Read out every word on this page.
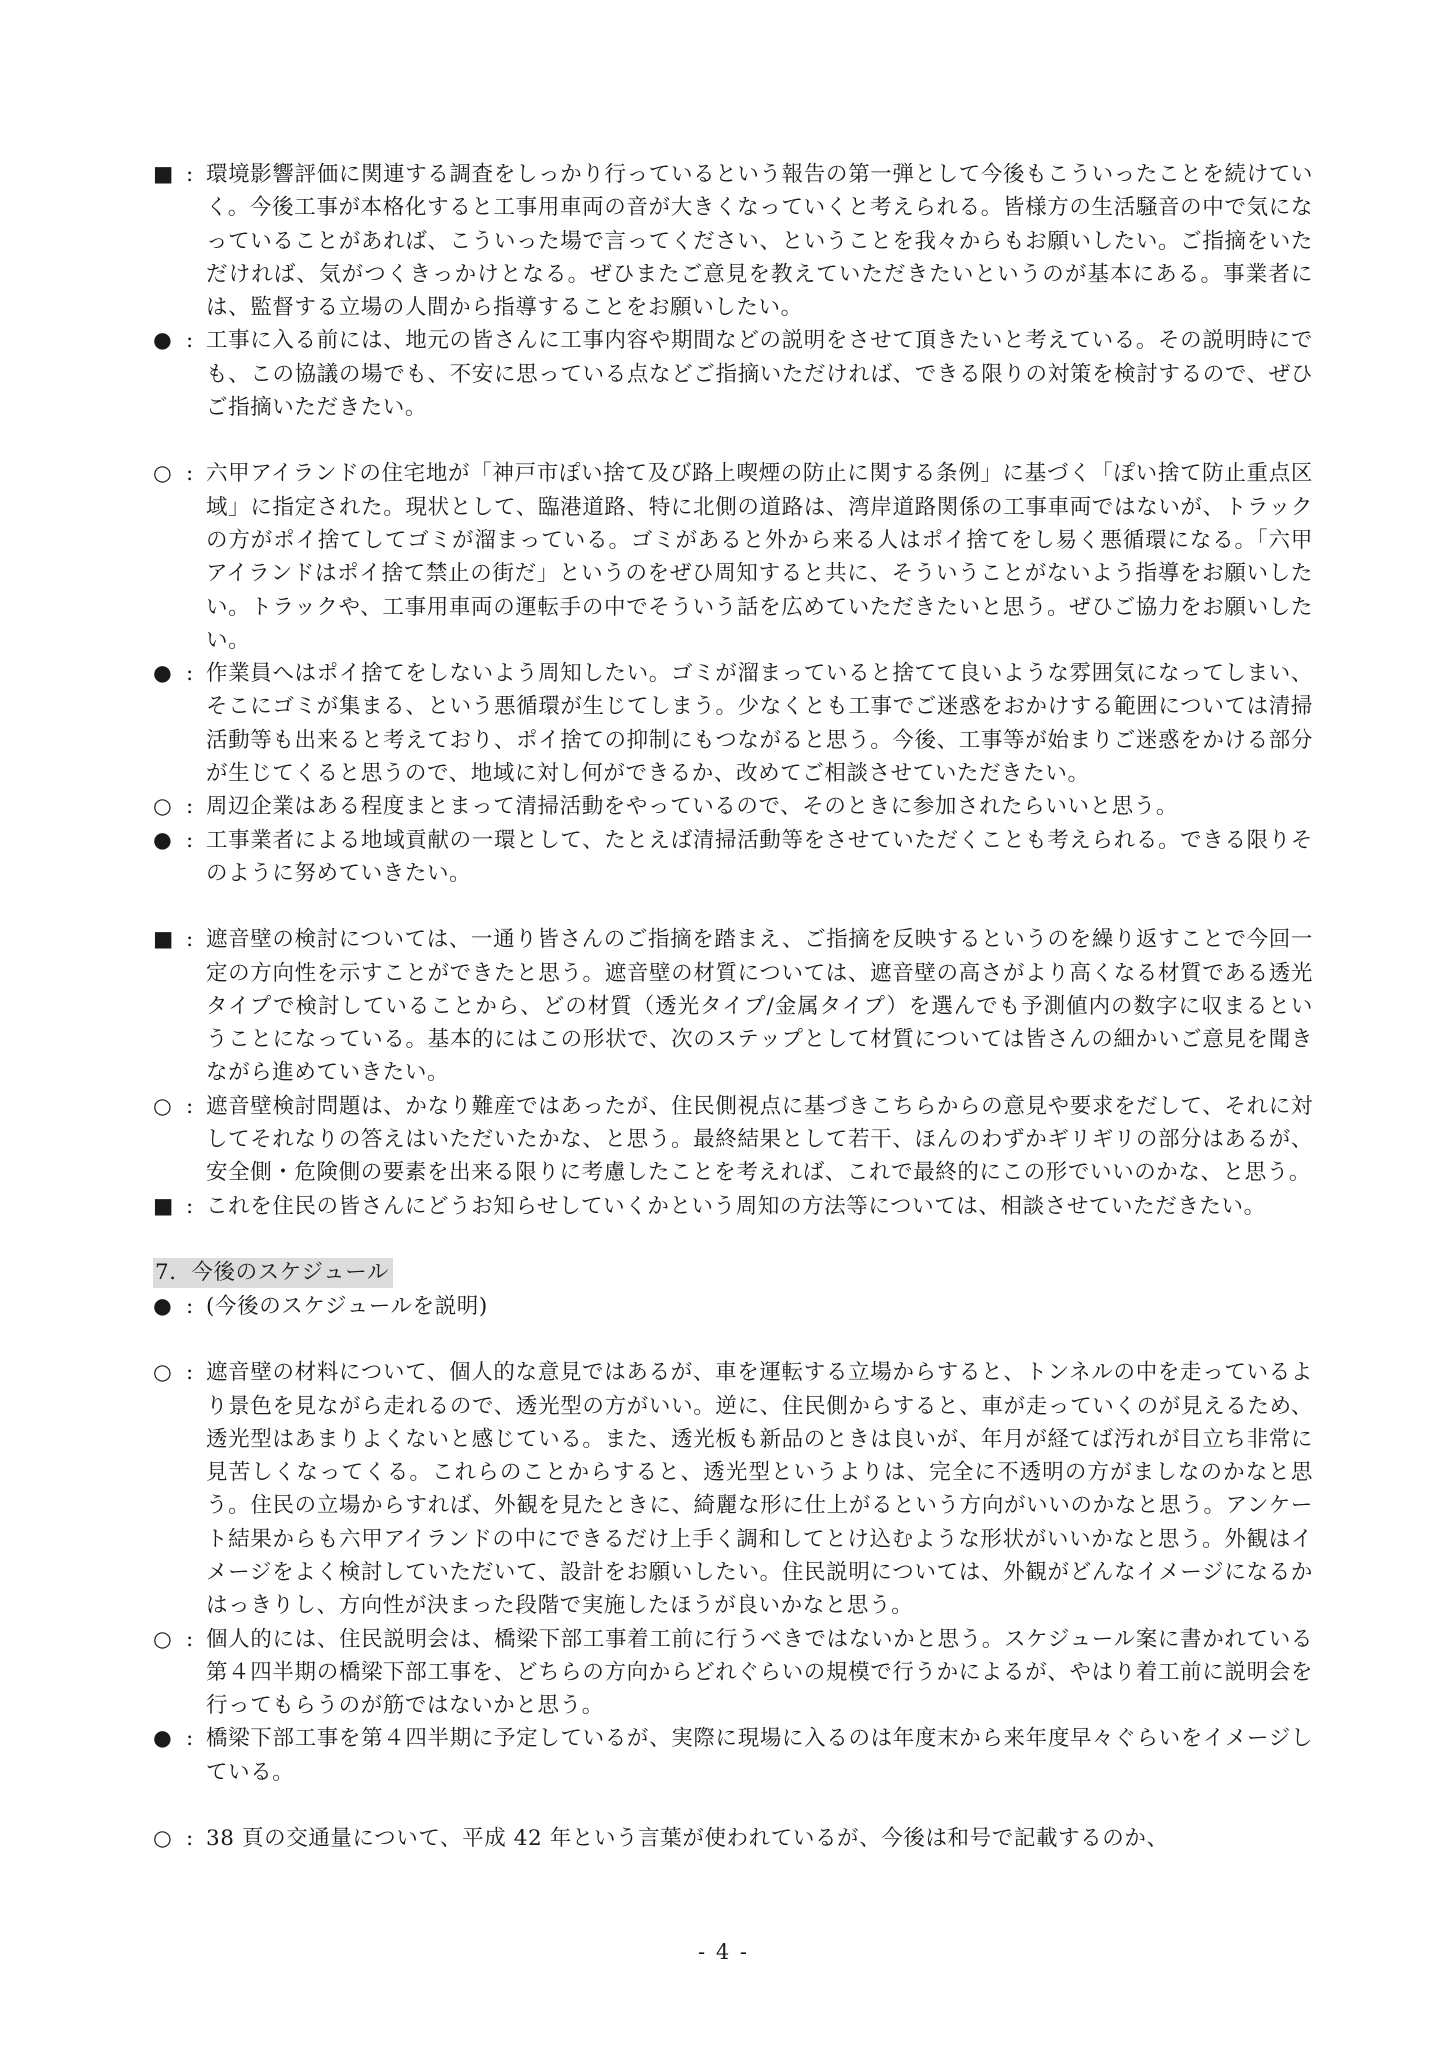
■ : 環境影響評価に関連する調査をしっかり行っているという報告の第一弾として今後もこういったことを続けていく。今後工事が本格化すると工事用車両の音が大きくなっていくと考えられる。皆様方の生活騒音の中で気になっていることがあれば、こういった場で言ってください、ということを我々からもお願いしたい。ご指摘をいただければ、気がつくきっかけとなる。ぜひまたご意見を教えていただきたいというのが基本にある。事業者には、監督する立場の人間から指導することをお願いしたい。
● : 工事に入る前には、地元の皆さんに工事内容や期間などの説明をさせて頂きたいと考えている。その説明時にでも、この協議の場でも、不安に思っている点などご指摘いただければ、できる限りの対策を検討するので、ぜひご指摘いただきたい。
○ : 六甲アイランドの住宅地が「神戸市ぽい捨て及び路上喫煙の防止に関する条例」に基づく「ぽい捨て防止重点区域」に指定された。現状として、臨港道路、特に北側の道路は、湾岸道路関係の工事車両ではないが、トラックの方がポイ捨てしてゴミが溜まっている。ゴミがあると外から来る人はポイ捨てをし易く悪循環になる。「六甲アイランドはポイ捨て禁止の街だ」というのをぜひ周知すると共に、そういうことがないよう指導をお願いしたい。トラックや、工事用車両の運転手の中でそういう話を広めていただきたいと思う。ぜひご協力をお願いしたい。
● : 作業員へはポイ捨てをしないよう周知したい。ゴミが溜まっていると捨てて良いような雰囲気になってしまい、そこにゴミが集まる、という悪循環が生じてしまう。少なくとも工事でご迷惑をおかけする範囲については清掃活動等も出来ると考えており、ポイ捨ての抑制にもつながると思う。今後、工事等が始まりご迷惑をかける部分が生じてくると思うので、地域に対し何ができるか、改めてご相談させていただきたい。
○ : 周辺企業はある程度まとまって清掃活動をやっているので、そのときに参加されたらいいと思う。
● : 工事業者による地域貢献の一環として、たとえば清掃活動等をさせていただくことも考えられる。できる限りそのように努めていきたい。
■ : 遮音壁の検討については、一通り皆さんのご指摘を踏まえ、ご指摘を反映するというのを繰り返すことで今回一定の方向性を示すことができたと思う。遮音壁の材質については、遮音壁の高さがより高くなる材質である透光タイプで検討していることから、どの材質（透光タイプ/金属タイプ）を選んでも予測値内の数字に収まるということになっている。基本的にはこの形状で、次のステップとして材質については皆さんの細かいご意見を聞きながら進めていきたい。
○ : 遮音壁検討問題は、かなり難産ではあったが、住民側視点に基づきこちらからの意見や要求をだして、それに対してそれなりの答えはいただいたかな、と思う。最終結果として若干、ほんのわずかギリギリの部分はあるが、安全側・危険側の要素を出来る限りに考慮したことを考えれば、これで最終的にこの形でいいのかな、と思う。
■ : これを住民の皆さんにどうお知らせしていくかという周知の方法等については、相談させていただきたい。
7．今後のスケジュール
● : (今後のスケジュールを説明)
○ : 遮音壁の材料について、個人的な意見ではあるが、車を運転する立場からすると、トンネルの中を走っているより景色を見ながら走れるので、透光型の方がいい。逆に、住民側からすると、車が走っていくのが見えるため、透光型はあまりよくないと感じている。また、透光板も新品のときは良いが、年月が経てば汚れが目立ち非常に見苦しくなってくる。これらのことからすると、透光型というよりは、完全に不透明の方がましなのかなと思う。住民の立場からすれば、外観を見たときに、綺麗な形に仕上がるという方向がいいのかなと思う。アンケート結果からも六甲アイランドの中にできるだけ上手く調和してとけ込むような形状がいいかなと思う。外観はイメージをよく検討していただいて、設計をお願いしたい。住民説明については、外観がどんなイメージになるかはっきりし、方向性が決まった段階で実施したほうが良いかなと思う。
○ : 個人的には、住民説明会は、橋梁下部工事着工前に行うべきではないかと思う。スケジュール案に書かれている第４四半期の橋梁下部工事を、どちらの方向からどれぐらいの規模で行うかによるが、やはり着工前に説明会を行ってもらうのが筋ではないかと思う。
● : 橋梁下部工事を第４四半期に予定しているが、実際に現場に入るのは年度末から来年度早々ぐらいをイメージしている。
○ : 38 頁の交通量について、平成 42 年という言葉が使われているが、今後は和号で記載するのか、
- 4 -
